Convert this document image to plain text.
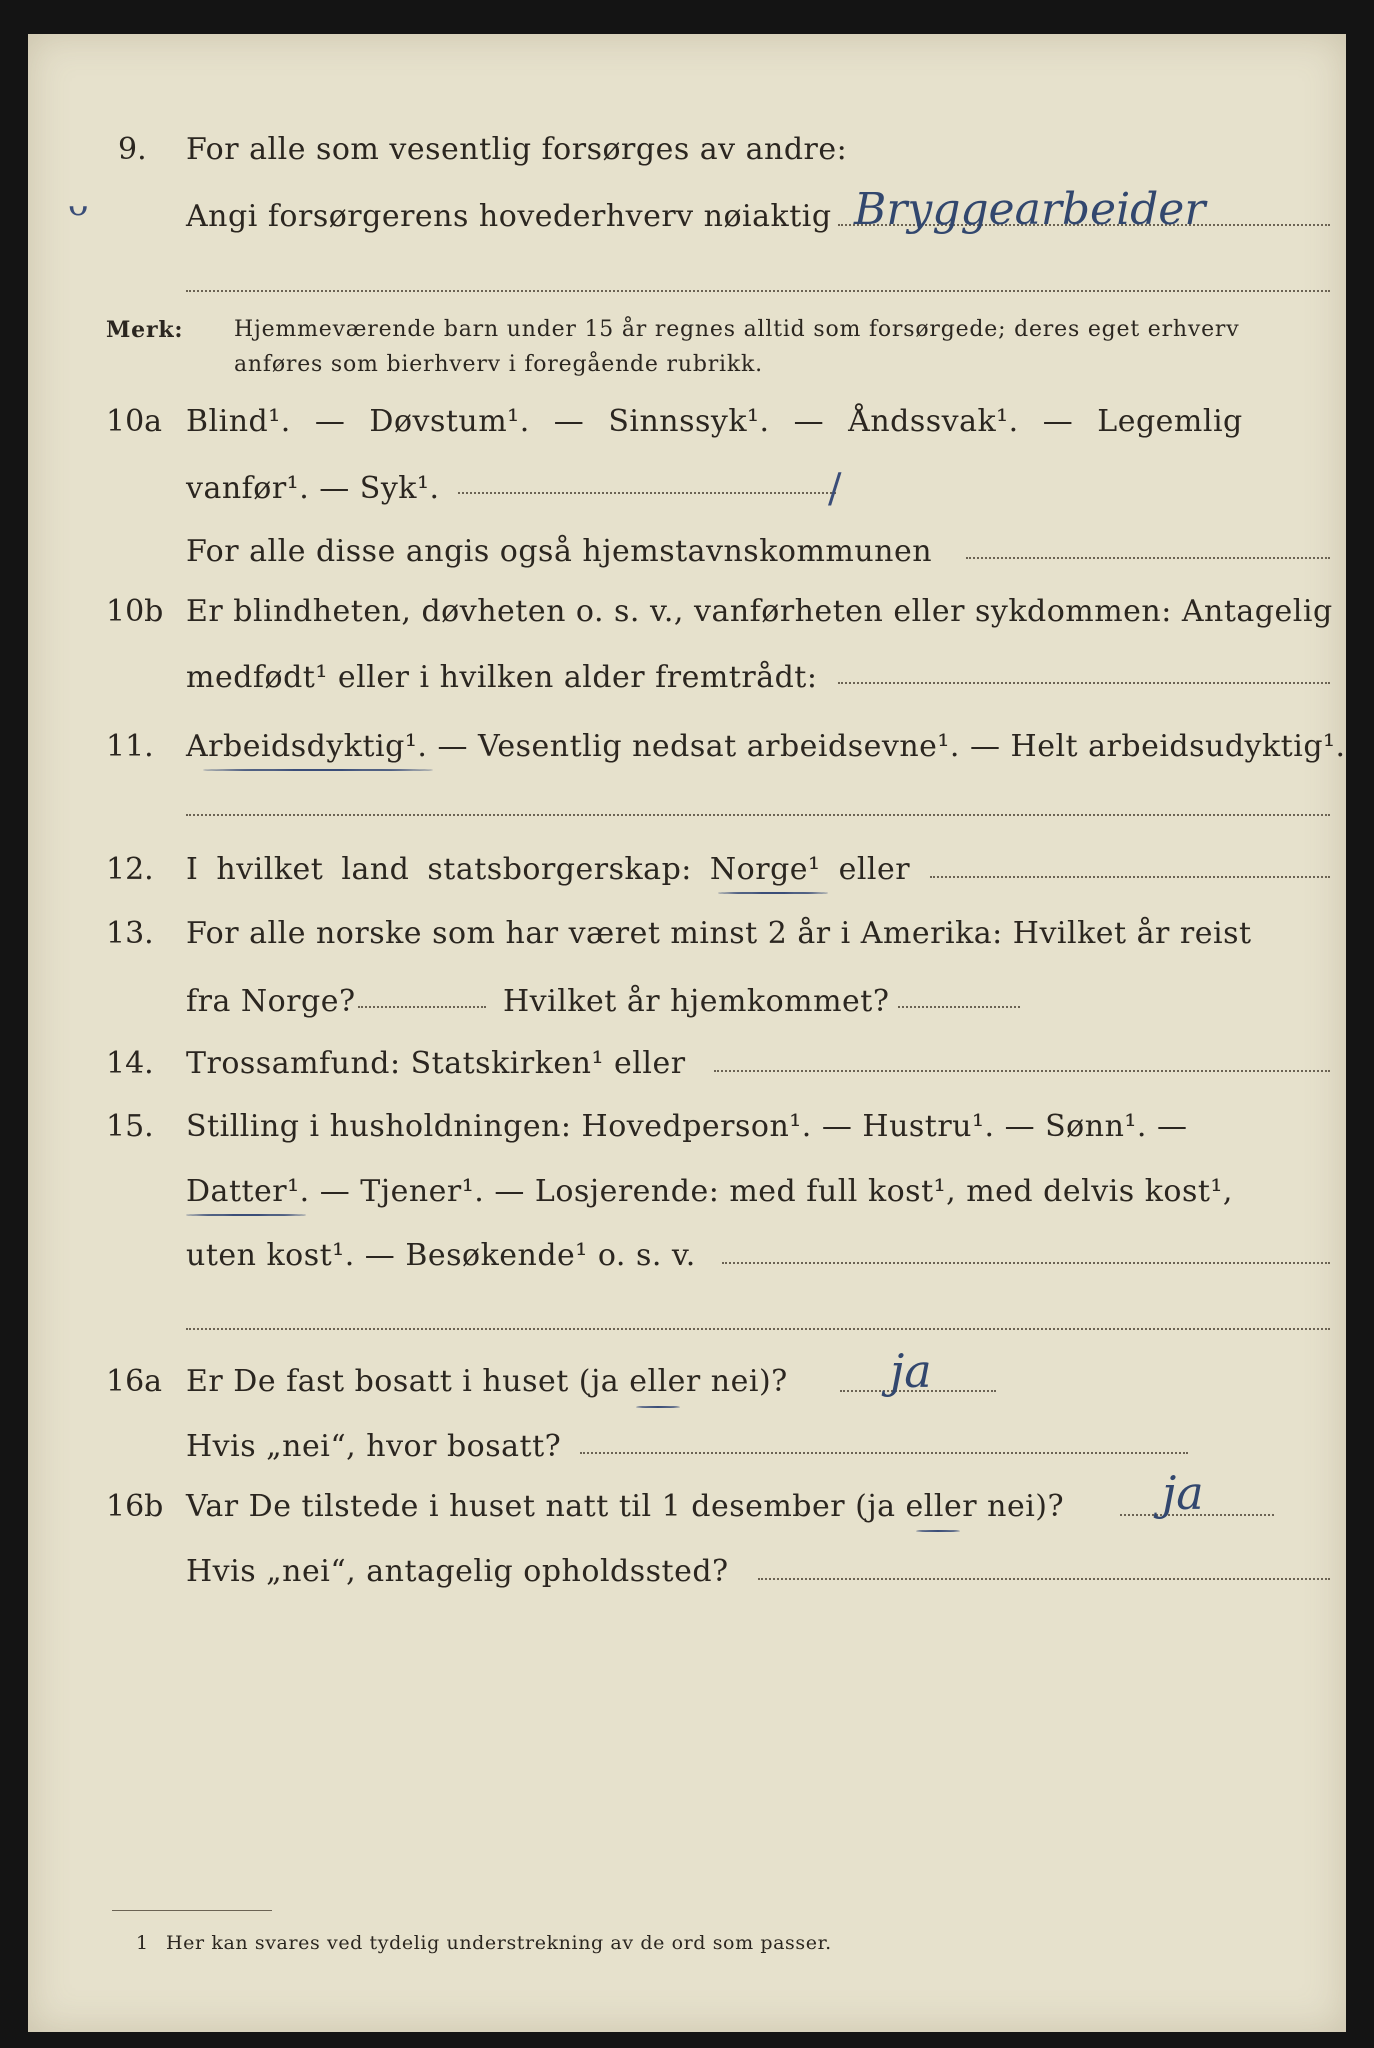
9. For alle som vesentlig forsørges av andre:
Angi forsørgerens hovederhverv nøiaktig Bryggearbeider
ᴗ
Merk: Hjemmeværende barn under 15 år regnes alltid som forsørgede; deres eget erhverv
anføres som bierhverv i foregående rubrikk.
10a Blind¹. — Døvstum¹. — Sinnssyk¹. — Åndssvak¹. — Legemlig
vanfør¹. — Syk¹.	/
For alle disse angis også hjemstavnskommunen
10b Er blindheten, døvheten o. s. v., vanførheten eller sykdommen: Antagelig
medfødt¹ eller i hvilken alder fremtrådt:
11. Arbeidsdyktig¹. — Vesentlig nedsat arbeidsevne¹. — Helt arbeidsudyktig¹.
12. I hvilket land statsborgerskap: Norge¹ eller
13. For alle norske som har været minst 2 år i Amerika: Hvilket år reist
fra Norge?	Hvilket år hjemkommet?
14. Trossamfund: Statskirken¹ eller
15. Stilling i husholdningen: Hovedperson¹. — Hustru¹. — Sønn¹. —
Datter¹. — Tjener¹. — Losjerende: med full kost¹, med delvis kost¹,
uten kost¹. — Besøkende¹ o. s. v.
16a Er De fast bosatt i huset (ja eller nei)? ja
Hvis „nei“, hvor bosatt?
16b Var De tilstede i huset natt til 1 desember (ja eller nei)? ja
Hvis „nei“, antagelig opholdssted?
1 Her kan svares ved tydelig understrekning av de ord som passer.
